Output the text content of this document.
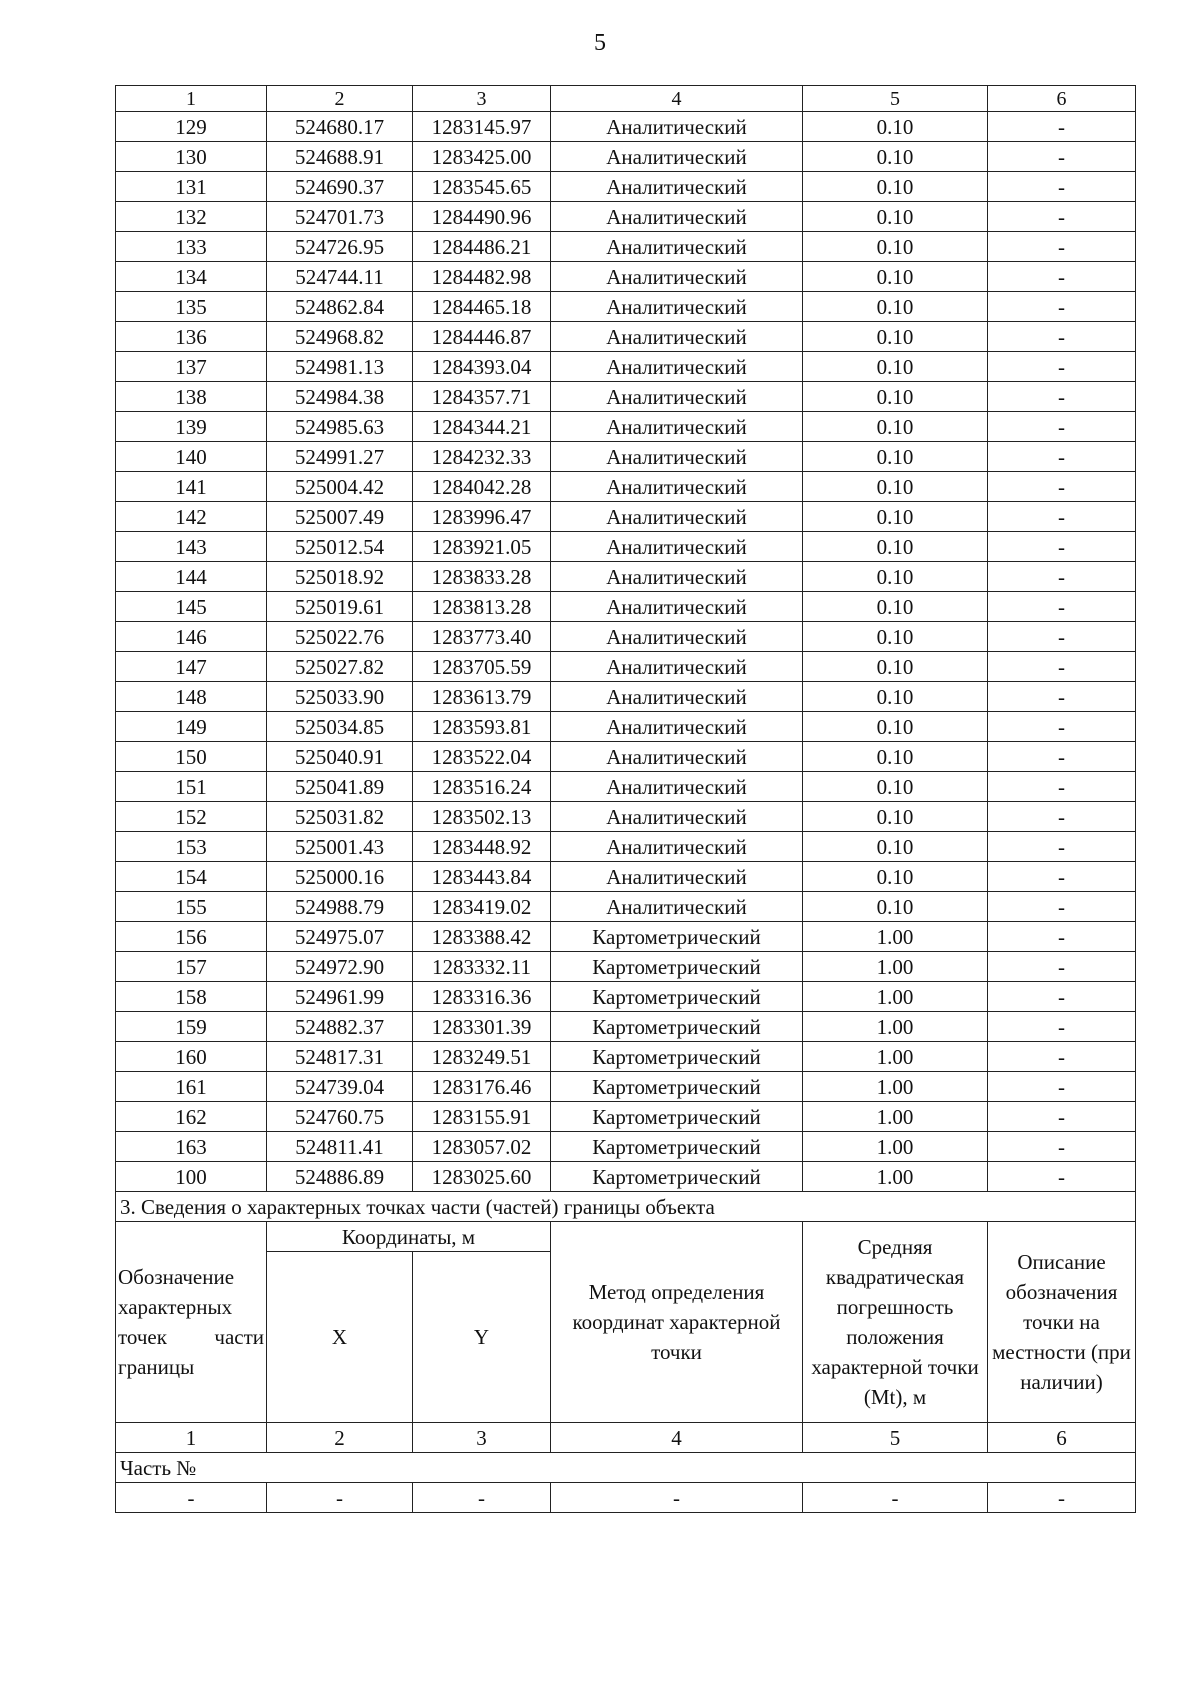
5
1	2	3	4	5	6
129	524680.17	1283145.97	Аналитический	0.10	-
130	524688.91	1283425.00	Аналитический	0.10	-
131	524690.37	1283545.65	Аналитический	0.10	-
132	524701.73	1284490.96	Аналитический	0.10	-
133	524726.95	1284486.21	Аналитический	0.10	-
134	524744.11	1284482.98	Аналитический	0.10	-
135	524862.84	1284465.18	Аналитический	0.10	-
136	524968.82	1284446.87	Аналитический	0.10	-
137	524981.13	1284393.04	Аналитический	0.10	-
138	524984.38	1284357.71	Аналитический	0.10	-
139	524985.63	1284344.21	Аналитический	0.10	-
140	524991.27	1284232.33	Аналитический	0.10	-
141	525004.42	1284042.28	Аналитический	0.10	-
142	525007.49	1283996.47	Аналитический	0.10	-
143	525012.54	1283921.05	Аналитический	0.10	-
144	525018.92	1283833.28	Аналитический	0.10	-
145	525019.61	1283813.28	Аналитический	0.10	-
146	525022.76	1283773.40	Аналитический	0.10	-
147	525027.82	1283705.59	Аналитический	0.10	-
148	525033.90	1283613.79	Аналитический	0.10	-
149	525034.85	1283593.81	Аналитический	0.10	-
150	525040.91	1283522.04	Аналитический	0.10	-
151	525041.89	1283516.24	Аналитический	0.10	-
152	525031.82	1283502.13	Аналитический	0.10	-
153	525001.43	1283448.92	Аналитический	0.10	-
154	525000.16	1283443.84	Аналитический	0.10	-
155	524988.79	1283419.02	Аналитический	0.10	-
156	524975.07	1283388.42	Картометрический	1.00	-
157	524972.90	1283332.11	Картометрический	1.00	-
158	524961.99	1283316.36	Картометрический	1.00	-
159	524882.37	1283301.39	Картометрический	1.00	-
160	524817.31	1283249.51	Картометрический	1.00	-
161	524739.04	1283176.46	Картометрический	1.00	-
162	524760.75	1283155.91	Картометрический	1.00	-
163	524811.41	1283057.02	Картометрический	1.00	-
100	524886.89	1283025.60	Картометрический	1.00	-
3. Сведения о характерных точках части (частей) границы объекта					

Обозначение
характерных
точек части
границы	Координаты, м		Метод определения координат характерной точки	Средняя квадратическая погрешность положения характерной точки (Mt), м	Описание обозначения точки на местности (при наличии)
	X	Y			
1	2	3	4	5	6
Часть №					
-	-	-	-	-	-
